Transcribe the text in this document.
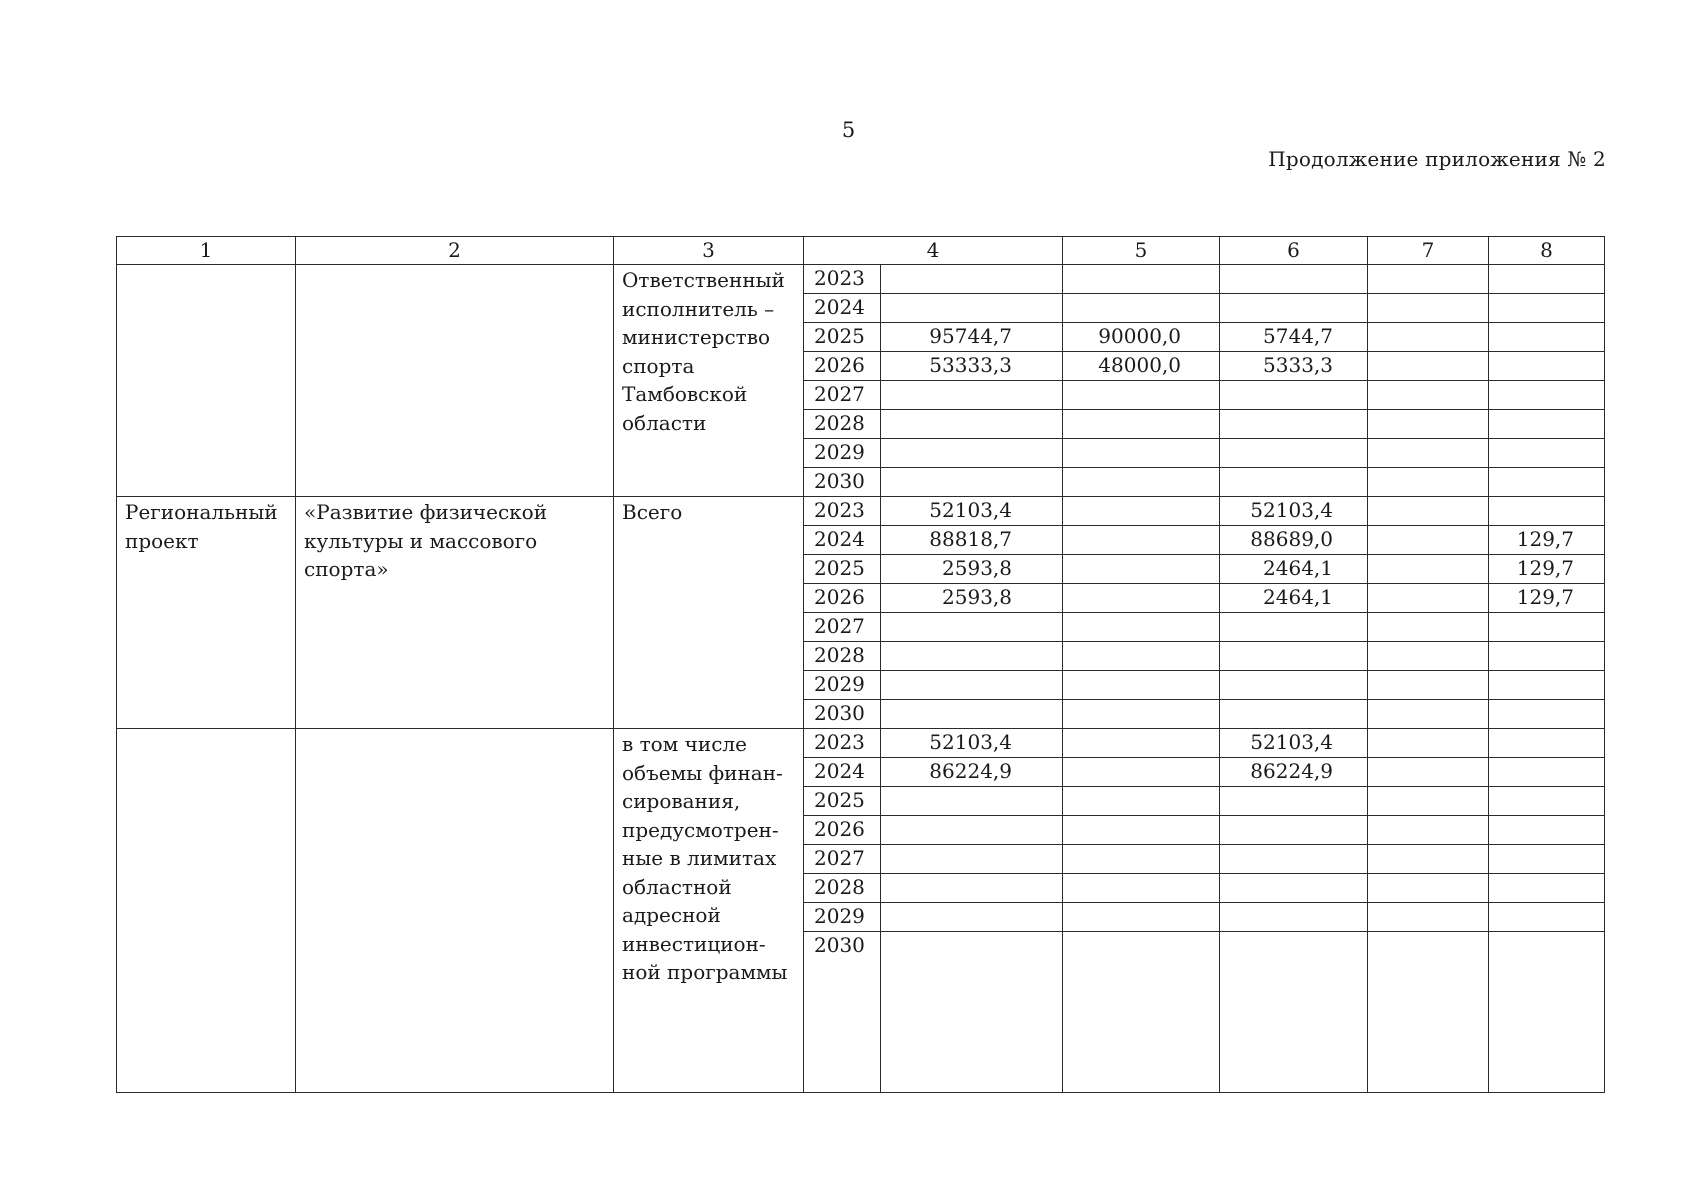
5
Продолжение приложения № 2
1	2	3	4		5	6	7	8
		Ответственный исполнитель – министерство спорта Тамбовской области	2023					
			2024					
			2025	95744,7	90000,0	5744,7		
			2026	53333,3	48000,0	5333,3		
			2027					
			2028					
			2029					
			2030					
Региональный проект	«Развитие физической культуры и массового спорта»	Всего	2023	52103,4		52103,4		
			2024	88818,7		88689,0		129,7
			2025	2593,8		2464,1		129,7
			2026	2593,8		2464,1		129,7
			2027					
			2028					
			2029					
			2030					
		в том числе объемы финан-сирования, предусмотрен-ные в лимитах областной адресной инвестицион-ной программы	2023	52103,4		52103,4		
			2024	86224,9		86224,9		
			2025					
			2026					
			2027					
			2028					
			2029					
			2030					
